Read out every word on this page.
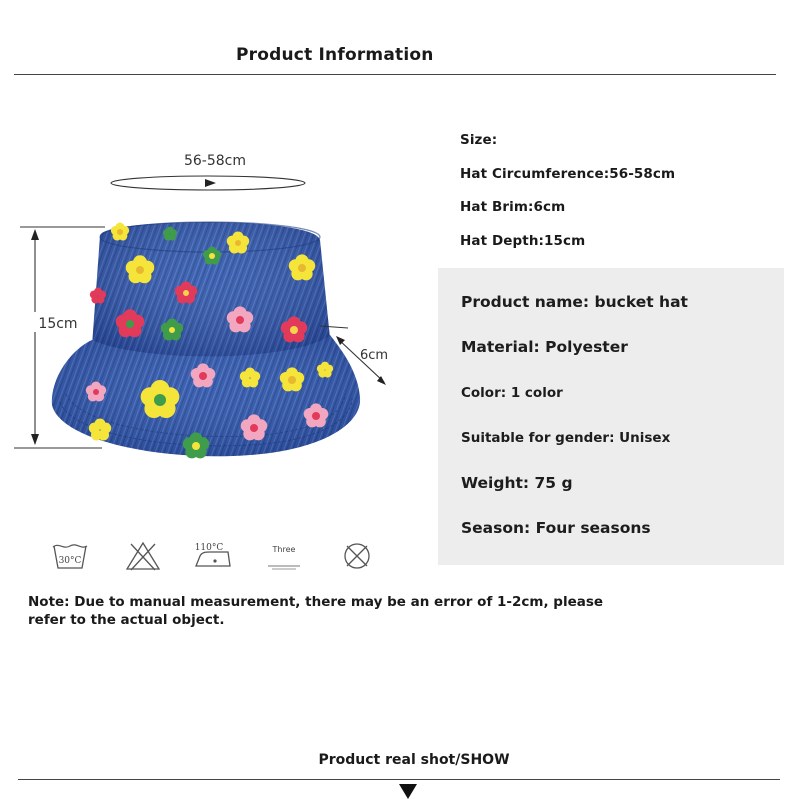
Product Information
56-58cm
15cm
6cm
Size:
Hat Circumference:56-58cm
Hat Brim:6cm
Hat Depth:15cm
Product name: bucket hat
Material: Polyester
Color: 1 color
Suitable for gender: Unisex
Weight: 75 g
Season: Four seasons
30°C
110°C	Three
Note: Due to manual measurement, there may be an error of 1-2cm, please refer to the actual object.
Product real shot/SHOW
